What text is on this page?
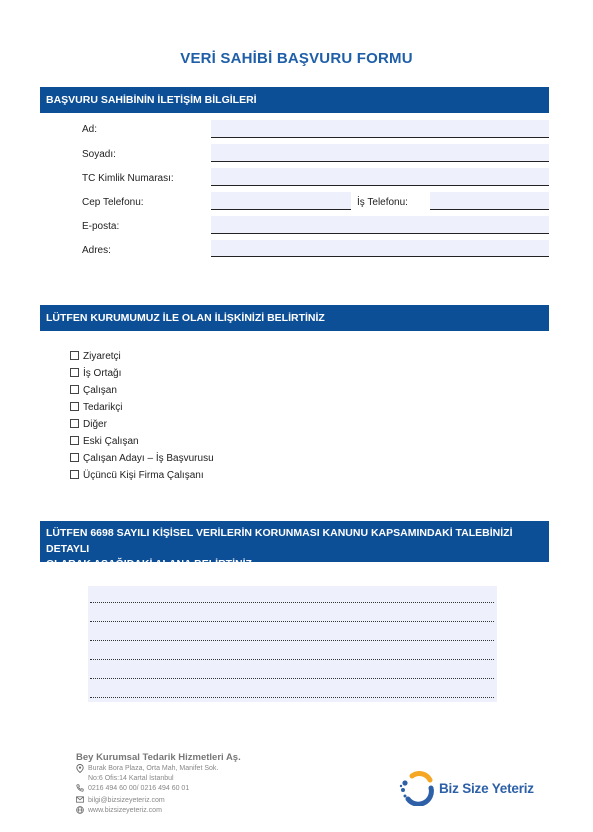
VERİ SAHİBİ BAŞVURU FORMU
BAŞVURU SAHİBİNİN İLETİŞİM BİLGİLERİ
Ad:
Soyadı:
TC Kimlik Numarası:
Cep Telefonu:	İş Telefonu:
E-posta:
Adres:
LÜTFEN KURUMUMUZ İLE OLAN İLİŞKİNİZİ BELİRTİNİZ
Ziyaretçi
İş Ortağı
Çalışan
Tedarikçi
Diğer
Eski Çalışan
Çalışan Adayı – İş Başvurusu
Üçüncü Kişi Firma Çalışanı
LÜTFEN 6698 SAYILI KİŞİSEL VERİLERİN KORUNMASI KANUNU KAPSAMINDAKİ TALEBİNİZİ DETAYLI
OLARAK AŞAĞIDAKİ ALANA BELİRTİNİZ.
Bey Kurumsal Tedarik Hizmetleri Aş.
Burak Bora Plaza, Orta Mah, Manifet Sok.
No:6 Ofis:14 Kartal İstanbul
0216 494 60 00/ 0216 494 60 01
bilgi@bizsizeyeteriz.com
www.bizsizeyeteriz.com
Biz Size Yeteriz
